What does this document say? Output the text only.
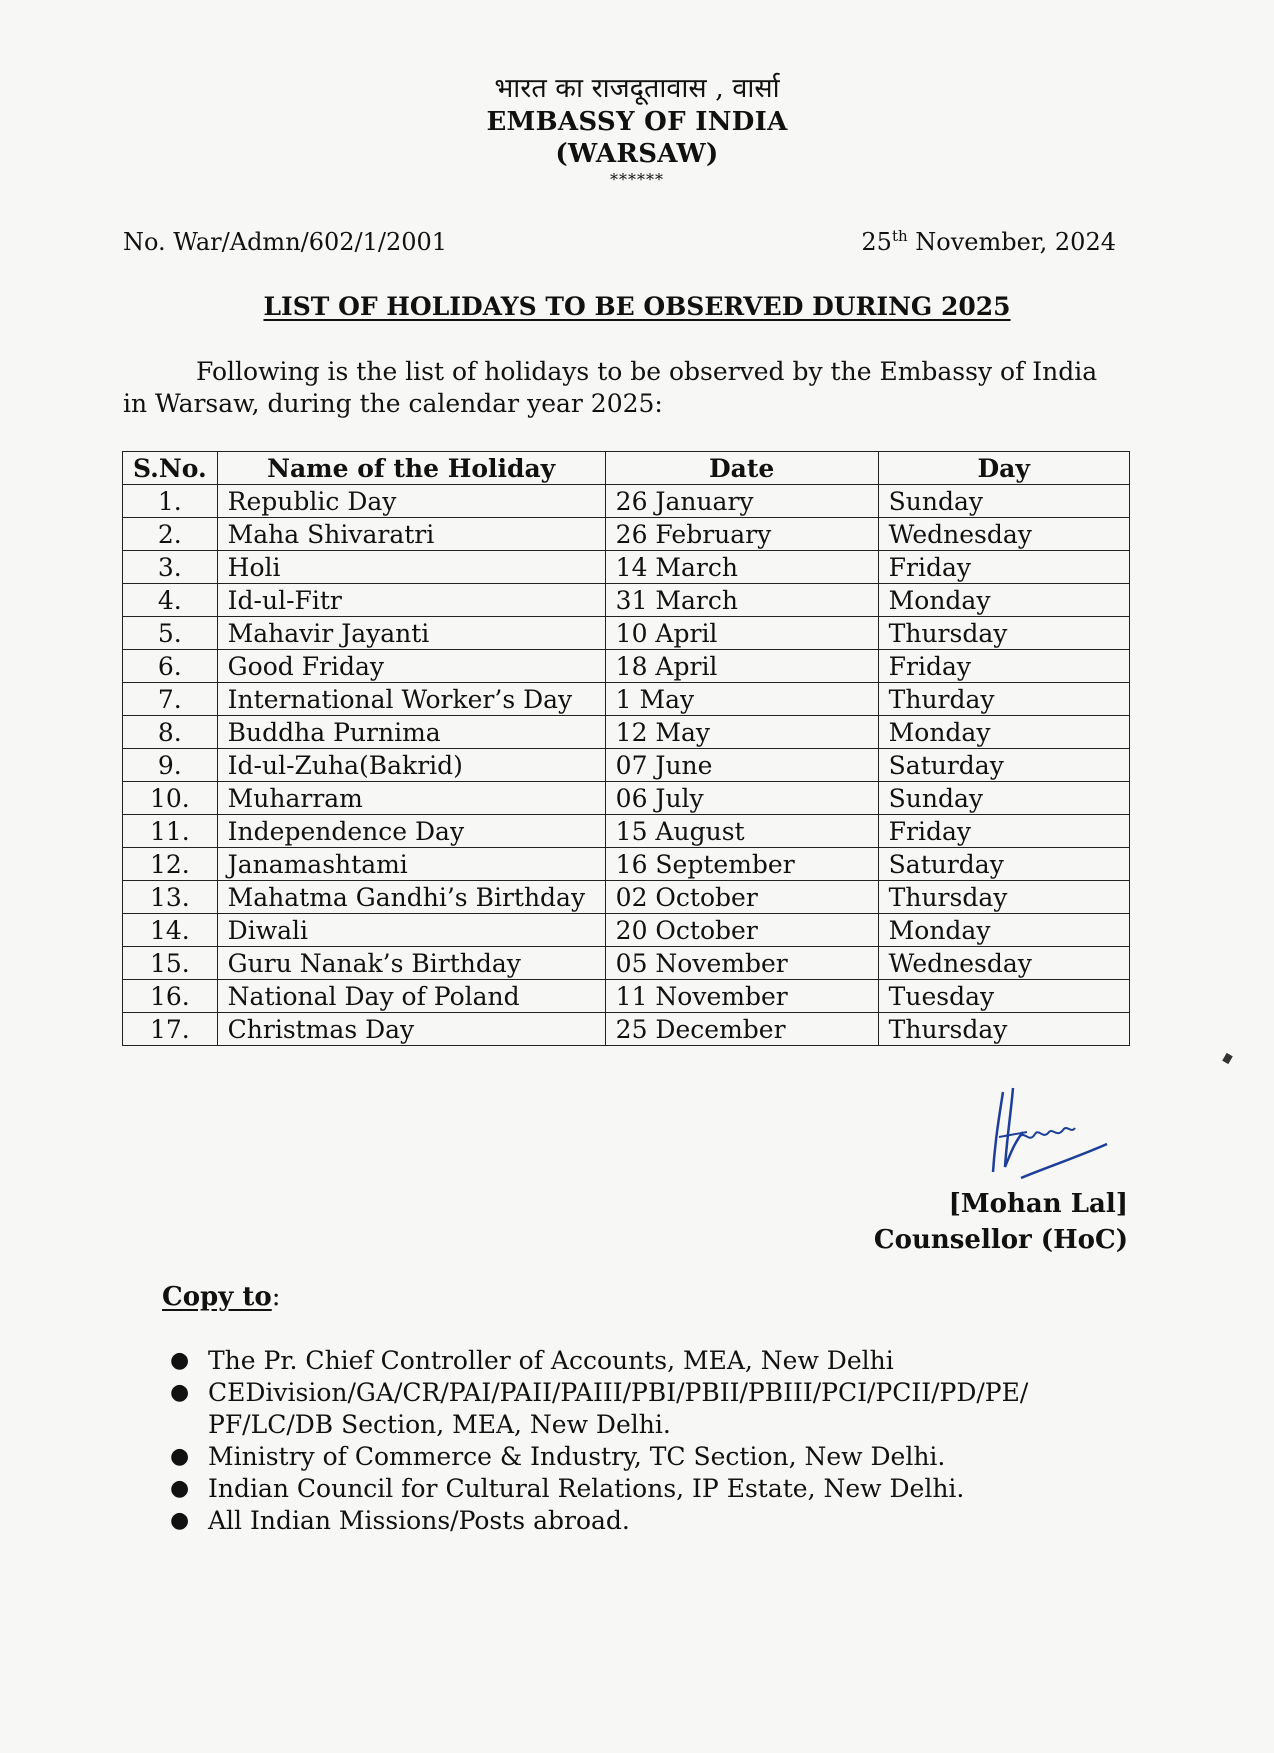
भारत का राजदूतावास , वार्सा
EMBASSY OF INDIA
(WARSAW)
******
No. War/Admn/602/1/2001	25th November, 2024
LIST OF HOLIDAYS TO BE OBSERVED DURING 2025
Following is the list of holidays to be observed by the Embassy of India in Warsaw, during the calendar year 2025:
S.No.	Name of the Holiday	Date	Day
1.	Republic Day	26 January	Sunday
2.	Maha Shivaratri	26 February	Wednesday
3.	Holi	14 March	Friday
4.	Id-ul-Fitr	31 March	Monday
5.	Mahavir Jayanti	10 April	Thursday
6.	Good Friday	18 April	Friday
7.	International Worker’s Day	1 May	Thurday
8.	Buddha Purnima	12 May	Monday
9.	Id-ul-Zuha(Bakrid)	07 June	Saturday
10.	Muharram	06 July	Sunday
11.	Independence Day	15 August	Friday
12.	Janamashtami	16 September	Saturday
13.	Mahatma Gandhi’s Birthday	02 October	Thursday
14.	Diwali	20 October	Monday
15.	Guru Nanak’s Birthday	05 November	Wednesday
16.	National Day of Poland	11 November	Tuesday
17.	Christmas Day	25 December	Thursday
[Mohan Lal]
Counsellor (HoC)
Copy to:
● The Pr. Chief Controller of Accounts, MEA, New Delhi
● CEDivision/GA/CR/PAI/PAII/PAIII/PBI/PBII/PBIII/PCI/PCII/PD/PE/ PF/LC/DB Section, MEA, New Delhi.
● Ministry of Commerce & Industry, TC Section, New Delhi.
● Indian Council for Cultural Relations, IP Estate, New Delhi.
● All Indian Missions/Posts abroad.
